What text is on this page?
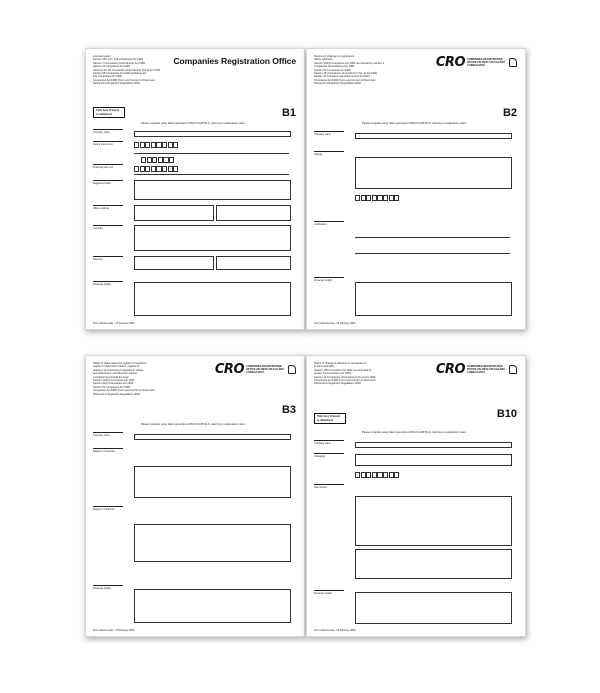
Annual return
Section 125, 127, 128 Companies Act 1963
Section 7 Companies (Amendment) Act 1986
Section 26 Companies Act 1990
Sections 35, 60 Companies (Amendment) (No.2) Act 1999
Section 38 Companies Act 1990 (Auditors) Act
161 Companies Act 1990
Companies Act 1990 (Form and Content of Document
Delivered to Registrar) Regulations 2002
Companies Registration Office
Tick box if bond
is attached	B1
Please complete using black typescript or BOLD CAPITALS, referring to explanatory notes
Company name
Return made up to
Financial year end
Registered office
Officer address
Secretary
Directors
Presenter details
Form effective date : 15 February 2005
Notice of change in registered
office address
Section 113(3) Companies Act 1963 (as inserted by section 4
Companies (Amendment) Act 1982
Section 52 Companies Act 1990
Section 28 (Companies (Amendment) (No. 2) Act 1999
Section 44 Company Law Enforcement Act 2001
Companies Act 1990 (Form and Content of Document
Delivered to Registrar) Regulations 2002
CRO COMPANIES REGISTRATION OFFICE AN OIFIG UM CHLÁRÚ CUIDEACHTAÍ
B2
Please complete using black typescript or BOLD CAPITALS, referring to explanatory notes
Company name
Change
Certification
Presenter details
Form effective date : 15 February 2005
Notice of place where the register of members,
register of debenture holders, register of
directors' and secretary's interests in shares
and debentures, and directors' service
contracts/memoranda are kept
Section 113(3) Companies Act 1963
Section 91(2) Companies Act 1963
Section 50 Companies Act 1990
Companies Act 1990 (Form and Content of Document
Delivered to Registrar) Regulations 2002
CRO COMPANIES REGISTRATION OFFICE AN OIFIG UM CHLÁRÚ CUIDEACHTAÍ
B3
Please complete using black typescript or BOLD CAPITALS, referring to explanatory notes
Company name
Register of members
Register of directors
Presenter details
Form effective date : 15 February 2005
Notice of change in directors or secretaries or
in their particulars
Section 195 Companies Act 1963 (as amended by
section 51 Companies Act 1990)
Section 43 Companies (Amendment) (No.2) Act 1999
Companies Act 1990 (Form and Content of Document
Delivered to Registrar) Regulations 2002
CRO COMPANIES REGISTRATION OFFICE AN OIFIG UM CHLÁRÚ CUIDEACHTAÍ
Tick box if bond
is attached	B10
Please complete using black typescript or BOLD CAPITALS, referring to explanatory notes
Company name
Change(s)
New director
Presenter details
Form effective date : 15 February 2005
